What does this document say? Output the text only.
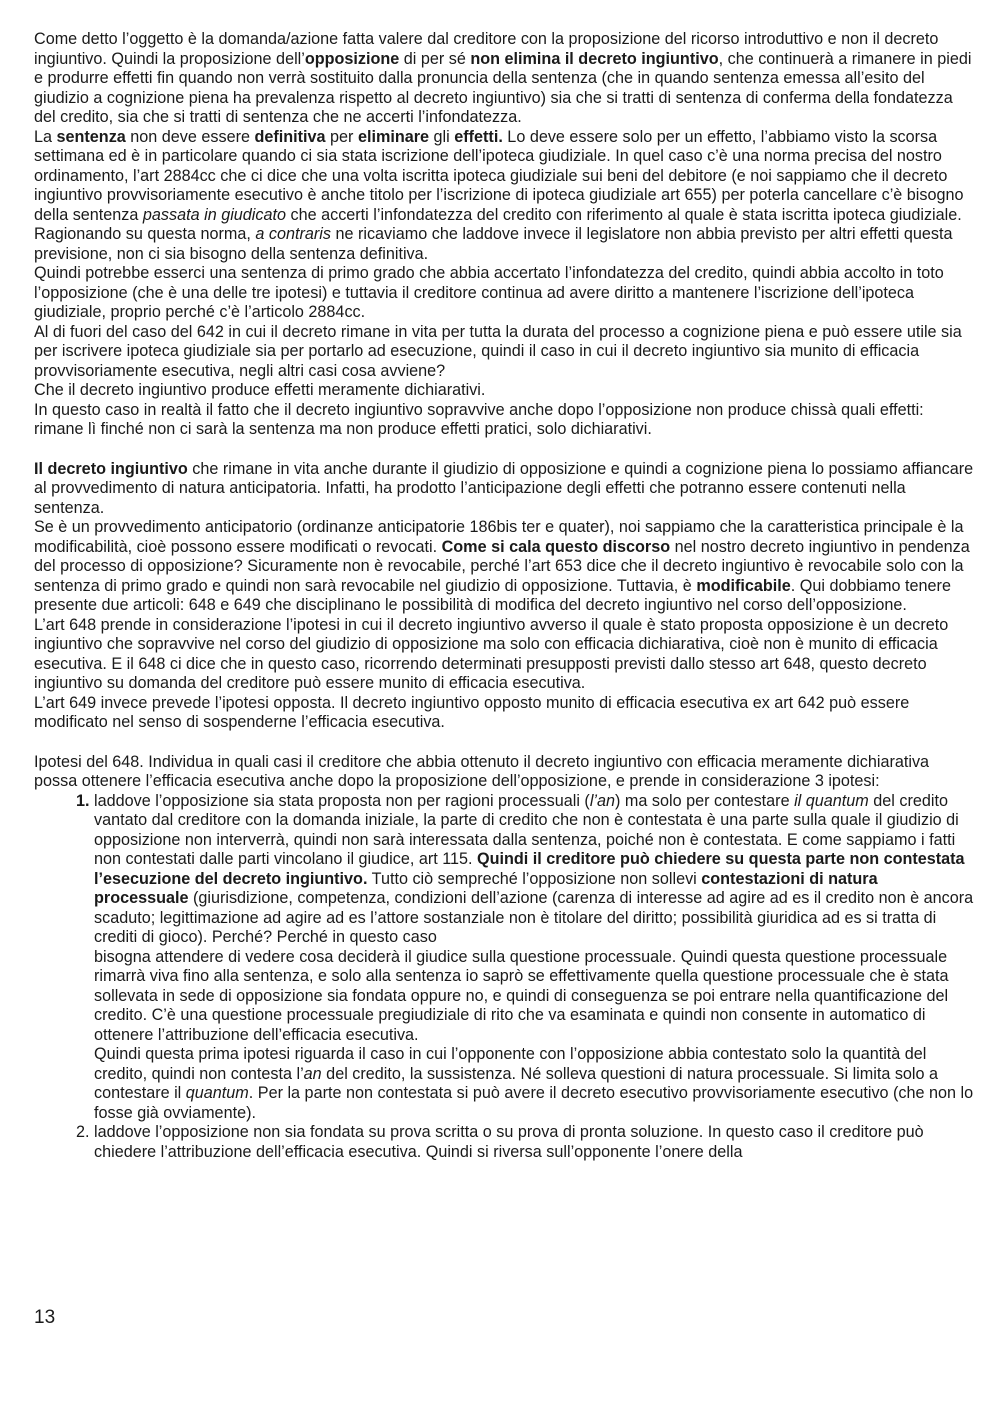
Come detto l’oggetto è la domanda/azione fatta valere dal creditore con la proposizione del ricorso introduttivo e non il decreto ingiuntivo. Quindi la proposizione dell’opposizione di per sé non elimina il decreto ingiuntivo, che continuerà a rimanere in piedi e produrre effetti fin quando non verrà sostituito dalla pronuncia della sentenza (che in quando sentenza emessa all’esito del giudizio a cognizione piena ha prevalenza rispetto al decreto ingiuntivo) sia che si tratti di sentenza di conferma della fondatezza del credito, sia che si tratti di sentenza che ne accerti l’infondatezza.

La sentenza non deve essere definitiva per eliminare gli effetti. Lo deve essere solo per un effetto, l’abbiamo visto la scorsa settimana ed è in particolare quando ci sia stata iscrizione dell’ipoteca giudiziale. In quel caso c’è una norma precisa del nostro ordinamento, l’art 2884cc che ci dice che una volta iscritta ipoteca giudiziale sui beni del debitore (e noi sappiamo che il decreto ingiuntivo provvisoriamente esecutivo è anche titolo per l’iscrizione di ipoteca giudiziale art 655) per poterla cancellare c’è bisogno della sentenza passata in giudicato che accerti l’infondatezza del credito con riferimento al quale è stata iscritta ipoteca giudiziale.

Ragionando su questa norma, a contraris ne ricaviamo che laddove invece il legislatore non abbia previsto per altri effetti questa previsione, non ci sia bisogno della sentenza definitiva.

Quindi potrebbe esserci una sentenza di primo grado che abbia accertato l’infondatezza del credito, quindi abbia accolto in toto l’opposizione (che è una delle tre ipotesi) e tuttavia il creditore continua ad avere diritto a mantenere l’iscrizione dell’ipoteca giudiziale, proprio perché c’è l’articolo 2884cc.

Al di fuori del caso del 642 in cui il decreto rimane in vita per tutta la durata del processo a cognizione piena e può essere utile sia per iscrivere ipoteca giudiziale sia per portarlo ad esecuzione, quindi il caso in cui il decreto ingiuntivo sia munito di efficacia provvisoriamente esecutiva, negli altri casi cosa avviene?

Che il decreto ingiuntivo produce effetti meramente dichiarativi.

In questo caso in realtà il fatto che il decreto ingiuntivo sopravvive anche dopo l’opposizione non produce chissà quali effetti: rimane lì finché non ci sarà la sentenza ma non produce effetti pratici, solo dichiarativi.

Il decreto ingiuntivo che rimane in vita anche durante il giudizio di opposizione e quindi a cognizione piena lo possiamo affiancare al provvedimento di natura anticipatoria. Infatti, ha prodotto l’anticipazione degli effetti che potranno essere contenuti nella sentenza.

Se è un provvedimento anticipatorio (ordinanze anticipatorie 186bis ter e quater), noi sappiamo che la caratteristica principale è la modificabilità, cioè possono essere modificati o revocati. Come si cala questo discorso nel nostro decreto ingiuntivo in pendenza del processo di opposizione? Sicuramente non è revocabile, perché l’art 653 dice che il decreto ingiuntivo è revocabile solo con la sentenza di primo grado e quindi non sarà revocabile nel giudizio di opposizione. Tuttavia, è modificabile. Qui dobbiamo tenere presente due articoli: 648 e 649 che disciplinano le possibilità di modifica del decreto ingiuntivo nel corso dell’opposizione.

L’art 648 prende in considerazione l’ipotesi in cui il decreto ingiuntivo avverso il quale è stato proposta opposizione è un decreto ingiuntivo che sopravvive nel corso del giudizio di opposizione ma solo con efficacia dichiarativa, cioè non è munito di efficacia esecutiva. E il 648 ci dice che in questo caso, ricorrendo determinati presupposti previsti dallo stesso art 648, questo decreto ingiuntivo su domanda del creditore può essere munito di efficacia esecutiva.

L’art 649 invece prevede l’ipotesi opposta. Il decreto ingiuntivo opposto munito di efficacia esecutiva ex art 642 può essere modificato nel senso di sospenderne l’efficacia esecutiva.

Ipotesi del 648. Individua in quali casi il creditore che abbia ottenuto il decreto ingiuntivo con efficacia meramente dichiarativa possa ottenere l’efficacia esecutiva anche dopo la proposizione dell’opposizione, e prende in considerazione 3 ipotesi:

1. laddove l’opposizione sia stata proposta non per ragioni processuali (l’an) ma solo per contestare il quantum del credito vantato dal creditore con la domanda iniziale, la parte di credito che non è contestata è una parte sulla quale il giudizio di opposizione non interverrà, quindi non sarà interessata dalla sentenza, poiché non è contestata. E come sappiamo i fatti non contestati dalle parti vincolano il giudice, art 115. Quindi il creditore può chiedere su questa parte non contestata l’esecuzione del decreto ingiuntivo. Tutto ciò sempreché l’opposizione non sollevi contestazioni di natura processuale (giurisdizione, competenza, condizioni dell’azione (carenza di interesse ad agire ad es il credito non è ancora scaduto; legittimazione ad agire ad es l’attore sostanziale non è titolare del diritto; possibilità giuridica ad es si tratta di crediti di gioco). Perché? Perché in questo caso
bisogna attendere di vedere cosa deciderà il giudice sulla questione processuale. Quindi questa questione processuale rimarrà viva fino alla sentenza, e solo alla sentenza io saprò se effettivamente quella questione processuale che è stata sollevata in sede di opposizione sia fondata oppure no, e quindi di conseguenza se poi entrare nella quantificazione del credito. C’è una questione processuale pregiudiziale di rito che va esaminata e quindi non consente in automatico di ottenere l’attribuzione dell’efficacia esecutiva.
Quindi questa prima ipotesi riguarda il caso in cui l’opponente con l’opposizione abbia contestato solo la quantità del credito, quindi non contesta l’an del credito, la sussistenza. Né solleva questioni di natura processuale. Si limita solo a contestare il quantum. Per la parte non contestata si può avere il decreto esecutivo provvisoriamente esecutivo (che non lo fosse già ovviamente).
2. laddove l’opposizione non sia fondata su prova scritta o su prova di pronta soluzione. In questo caso il creditore può chiedere l’attribuzione dell’efficacia esecutiva. Quindi si riversa sull’opponente l’onere della
13
